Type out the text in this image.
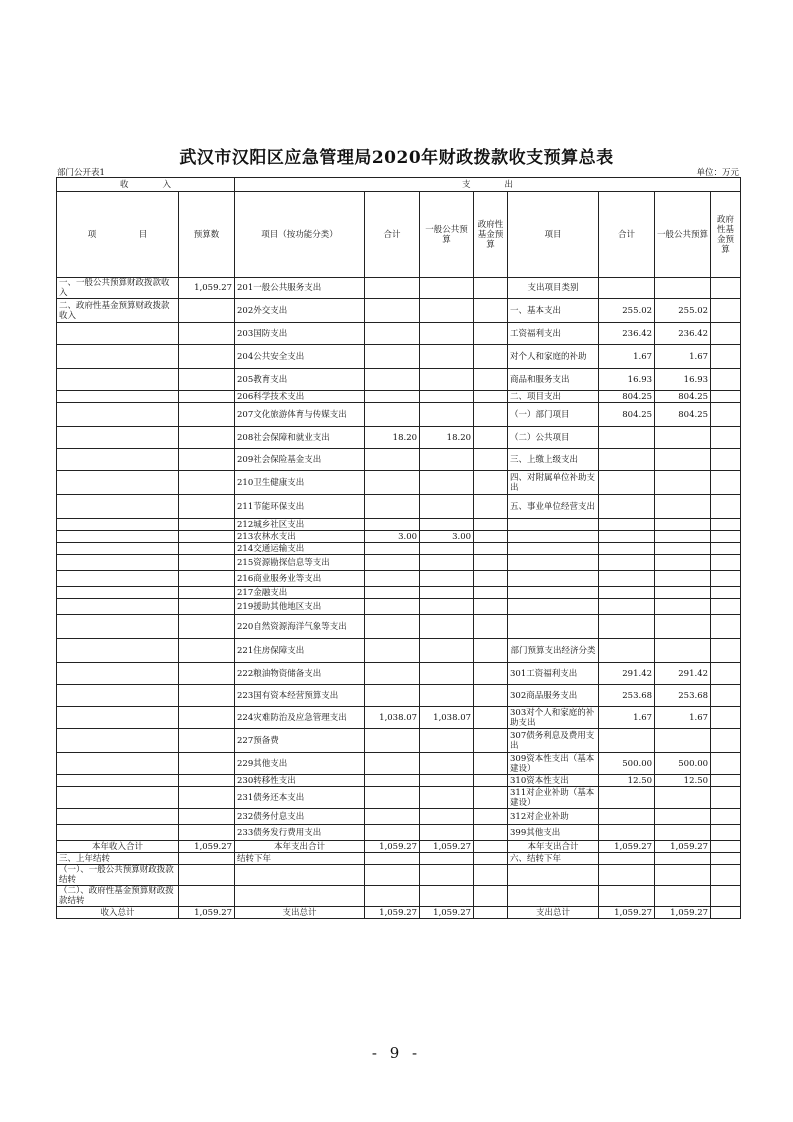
武汉市汉阳区应急管理局2020年财政拨款收支预算总表
部门公开表1	单位：万元
收　　　　入		支　　　　出							
项　　　　　目	预算数	项目（按功能分类）	合计	一般公共预算	政府性基金预算	项目	合计	一般公共预算	政府性基金预算
一、一般公共预算财政拨款收入	1,059.27	201一般公共服务支出				支出项目类别			
二、政府性基金预算财政拨款收入		202外交支出				一、基本支出	255.02	255.02	
		203国防支出				工资福利支出	236.42	236.42	
		204公共安全支出				对个人和家庭的补助	1.67	1.67	
		205教育支出				商品和服务支出	16.93	16.93	
		206科学技术支出				二、项目支出	804.25	804.25	
		207文化旅游体育与传媒支出				（一）部门项目	804.25	804.25	
		208社会保障和就业支出	18.20	18.20		（二）公共项目			
		209社会保险基金支出				三、上缴上级支出			
		210卫生健康支出				四、对附属单位补助支出			
		211节能环保支出				五、事业单位经营支出			
		212城乡社区支出							
		213农林水支出	3.00	3.00					
		214交通运输支出							
		215资源勘探信息等支出							
		216商业服务业等支出							
		217金融支出							
		219援助其他地区支出							
		220自然资源海洋气象等支出							
		221住房保障支出				部门预算支出经济分类			
		222粮油物资储备支出				301工资福利支出	291.42	291.42	
		223国有资本经营预算支出				302商品服务支出	253.68	253.68	
		224灾难防治及应急管理支出	1,038.07	1,038.07		303对个人和家庭的补助支出	1.67	1.67	
		227预备费				307债务利息及费用支出			
		229其他支出				309资本性支出（基本建设）	500.00	500.00	
		230转移性支出				310资本性支出	12.50	12.50	
		231债务还本支出				311对企业补助（基本建设）			
		232债务付息支出				312对企业补助			
		233债务发行费用支出				399其他支出			
本年收入合计	1,059.27	本年支出合计	1,059.27	1,059.27		本年支出合计	1,059.27	1,059.27	
三、上年结转		结转下年				六、结转下年			
（一）、一般公共预算财政拨款结转									
（二）、政府性基金预算财政拨款结转									
收入总计	1,059.27	支出总计	1,059.27	1,059.27		支出总计	1,059.27	1,059.27	
- 9 -
